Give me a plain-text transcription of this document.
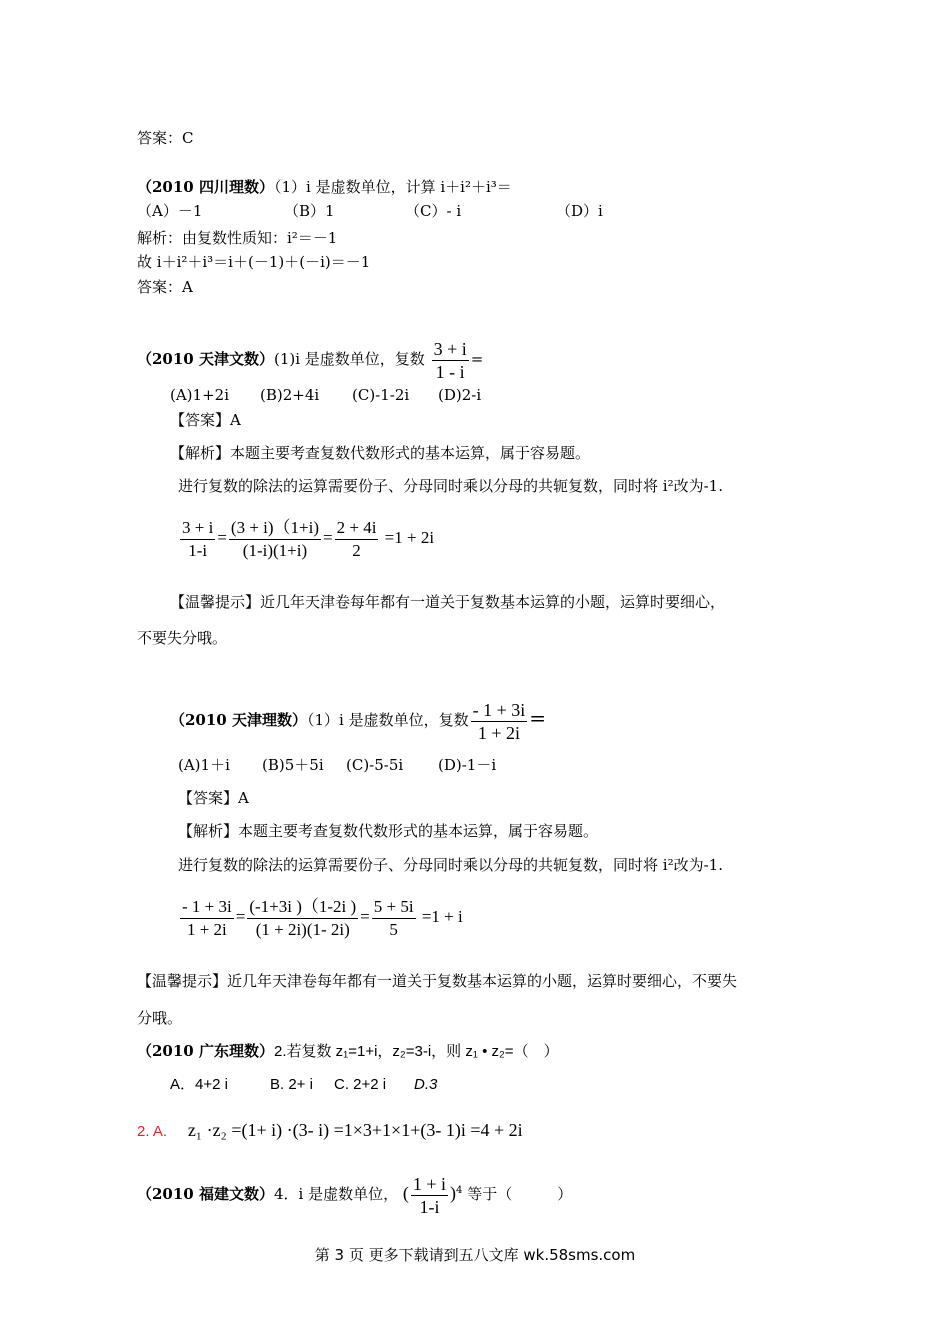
答案：C
（2010 四川理数）（1）i 是虚数单位，计算 i＋i²＋i³＝
（A）－1	（B）1	（C）- i	（D）i
解析：由复数性质知：i²＝－1
故 i＋i²＋i³＝i＋(－1)＋(－i)＝－1
答案：A
（2010 天津文数）(1)i 是虚数单位，复数 $\frac{3 + i}{1 - i}$ =
(A)1+2i (B)2+4i (C)-1-2i (D)2-i
【答案】A
【解析】本题主要考查复数代数形式的基本运算，属于容易题。
进行复数的除法的运算需要份子、分母同时乘以分母的共轭复数，同时将 i²改为-1.
$\frac{3 + i}{1-i} = \frac{(3 + i)(1+i)}{(1-i)(1+i)} = \frac{2 + 4i}{2} =1 + 2i$
【温馨提示】近几年天津卷每年都有一道关于复数基本运算的小题，运算时要细心，
不要失分哦。
（2010 天津理数）（1）i 是虚数单位，复数 $\frac{- 1 + 3i}{1 + 2i}$ =
(A)1＋i (B)5＋5i (C)-5-5i (D)-1－i
【答案】A
【解析】本题主要考查复数代数形式的基本运算，属于容易题。
进行复数的除法的运算需要份子、分母同时乘以分母的共轭复数，同时将 i²改为-1.
$\frac{- 1 + 3i}{1 + 2i} = \frac{(-1+3i )(1-2i )}{(1 + 2i)(1- 2i)} = \frac{5 + 5i}{5} =1 + i$
【温馨提示】近几年天津卷每年都有一道关于复数基本运算的小题，运算时要细心，不要失
分哦。
（2010 广东理数）2.若复数 z₁=1+i，z₂=3-i，则 z₁ • z₂=（　）
A．4+2 i	B. 2+ i C. 2+2 i D.3
2. A. z₁ ·z₂ =(1+ i) ·(3- i) =1×3+1×1+(3- 1)i =4 + 2i
（2010 福建文数）4．i 是虚数单位， ( $\frac{1 + i}{1-i} )^4$ 等于（　　　）
第 3 页 更多下载请到五八文库 wk.58sms.com
